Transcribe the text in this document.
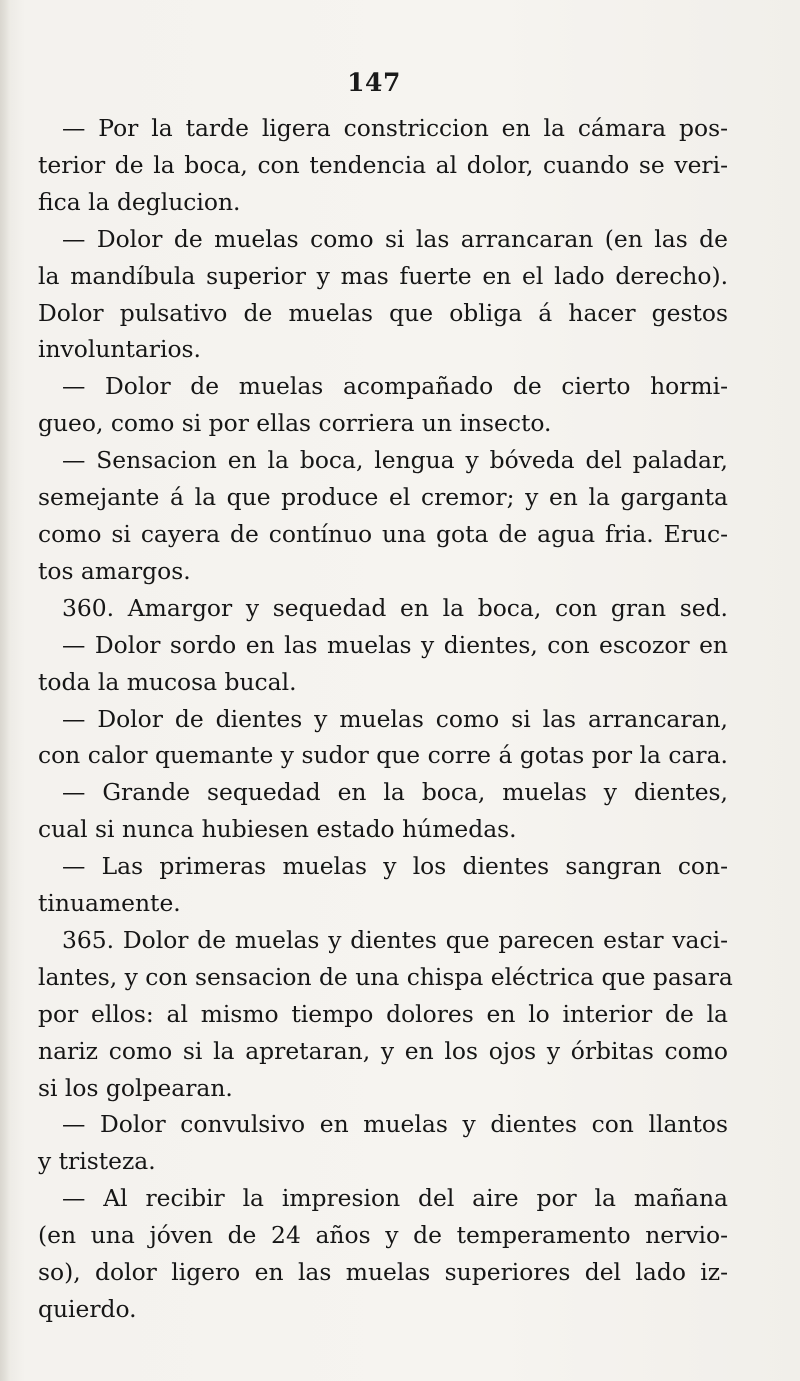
147
— Por la tarde ligera constriccion en la cámara pos-
terior de la boca, con tendencia al dolor, cuando se veri-
fica la deglucion.
— Dolor de muelas como si las arrancaran (en las de
la mandíbula superior y mas fuerte en el lado derecho).
Dolor pulsativo de muelas que obliga á hacer gestos
involuntarios.
— Dolor de muelas acompañado de cierto hormi-
gueo, como si por ellas corriera un insecto.
— Sensacion en la boca, lengua y bóveda del paladar,
semejante á la que produce el cremor; y en la garganta
como si cayera de contínuo una gota de agua fria. Eruc-
tos amargos.
360. Amargor y sequedad en la boca, con gran sed.
— Dolor sordo en las muelas y dientes, con escozor en
toda la mucosa bucal.
— Dolor de dientes y muelas como si las arrancaran,
con calor quemante y sudor que corre á gotas por la cara.
— Grande sequedad en la boca, muelas y dientes,
cual si nunca hubiesen estado húmedas.
— Las primeras muelas y los dientes sangran con-
tinuamente.
365. Dolor de muelas y dientes que parecen estar vaci-
lantes, y con sensacion de una chispa eléctrica que pasara
por ellos: al mismo tiempo dolores en lo interior de la
nariz como si la apretaran, y en los ojos y órbitas como
si los golpearan.
— Dolor convulsivo en muelas y dientes con llantos
y tristeza.
— Al recibir la impresion del aire por la mañana
(en una jóven de 24 años y de temperamento nervio-
so), dolor ligero en las muelas superiores del lado iz-
quierdo.
